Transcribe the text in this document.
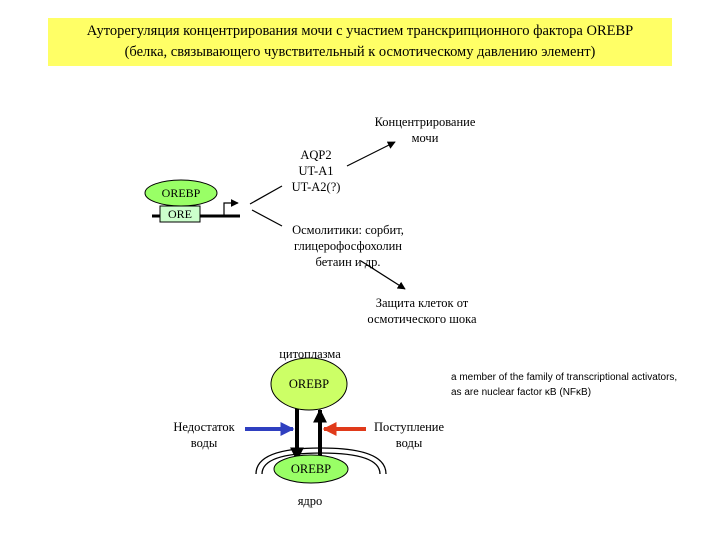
Ауторегуляция концентрирования мочи с участием транскрипционного фактора OREBP
(белка, связывающего чувствительный к осмотическому давлению элемент)
OREBP
ORE
AQP2
UT-A1
UT-A2(?)
Осмолитики: сорбит,
глицерофосфохолин
бетаин и др.
Концентрирование
мочи
Защита клеток от
осмотического шока
цитоплазма
OREBP
OREBP
ядро
Недостаток
воды
Поступление
воды
a member of the family of transcriptional activators,
as are nuclear factor κB (NFκB)
